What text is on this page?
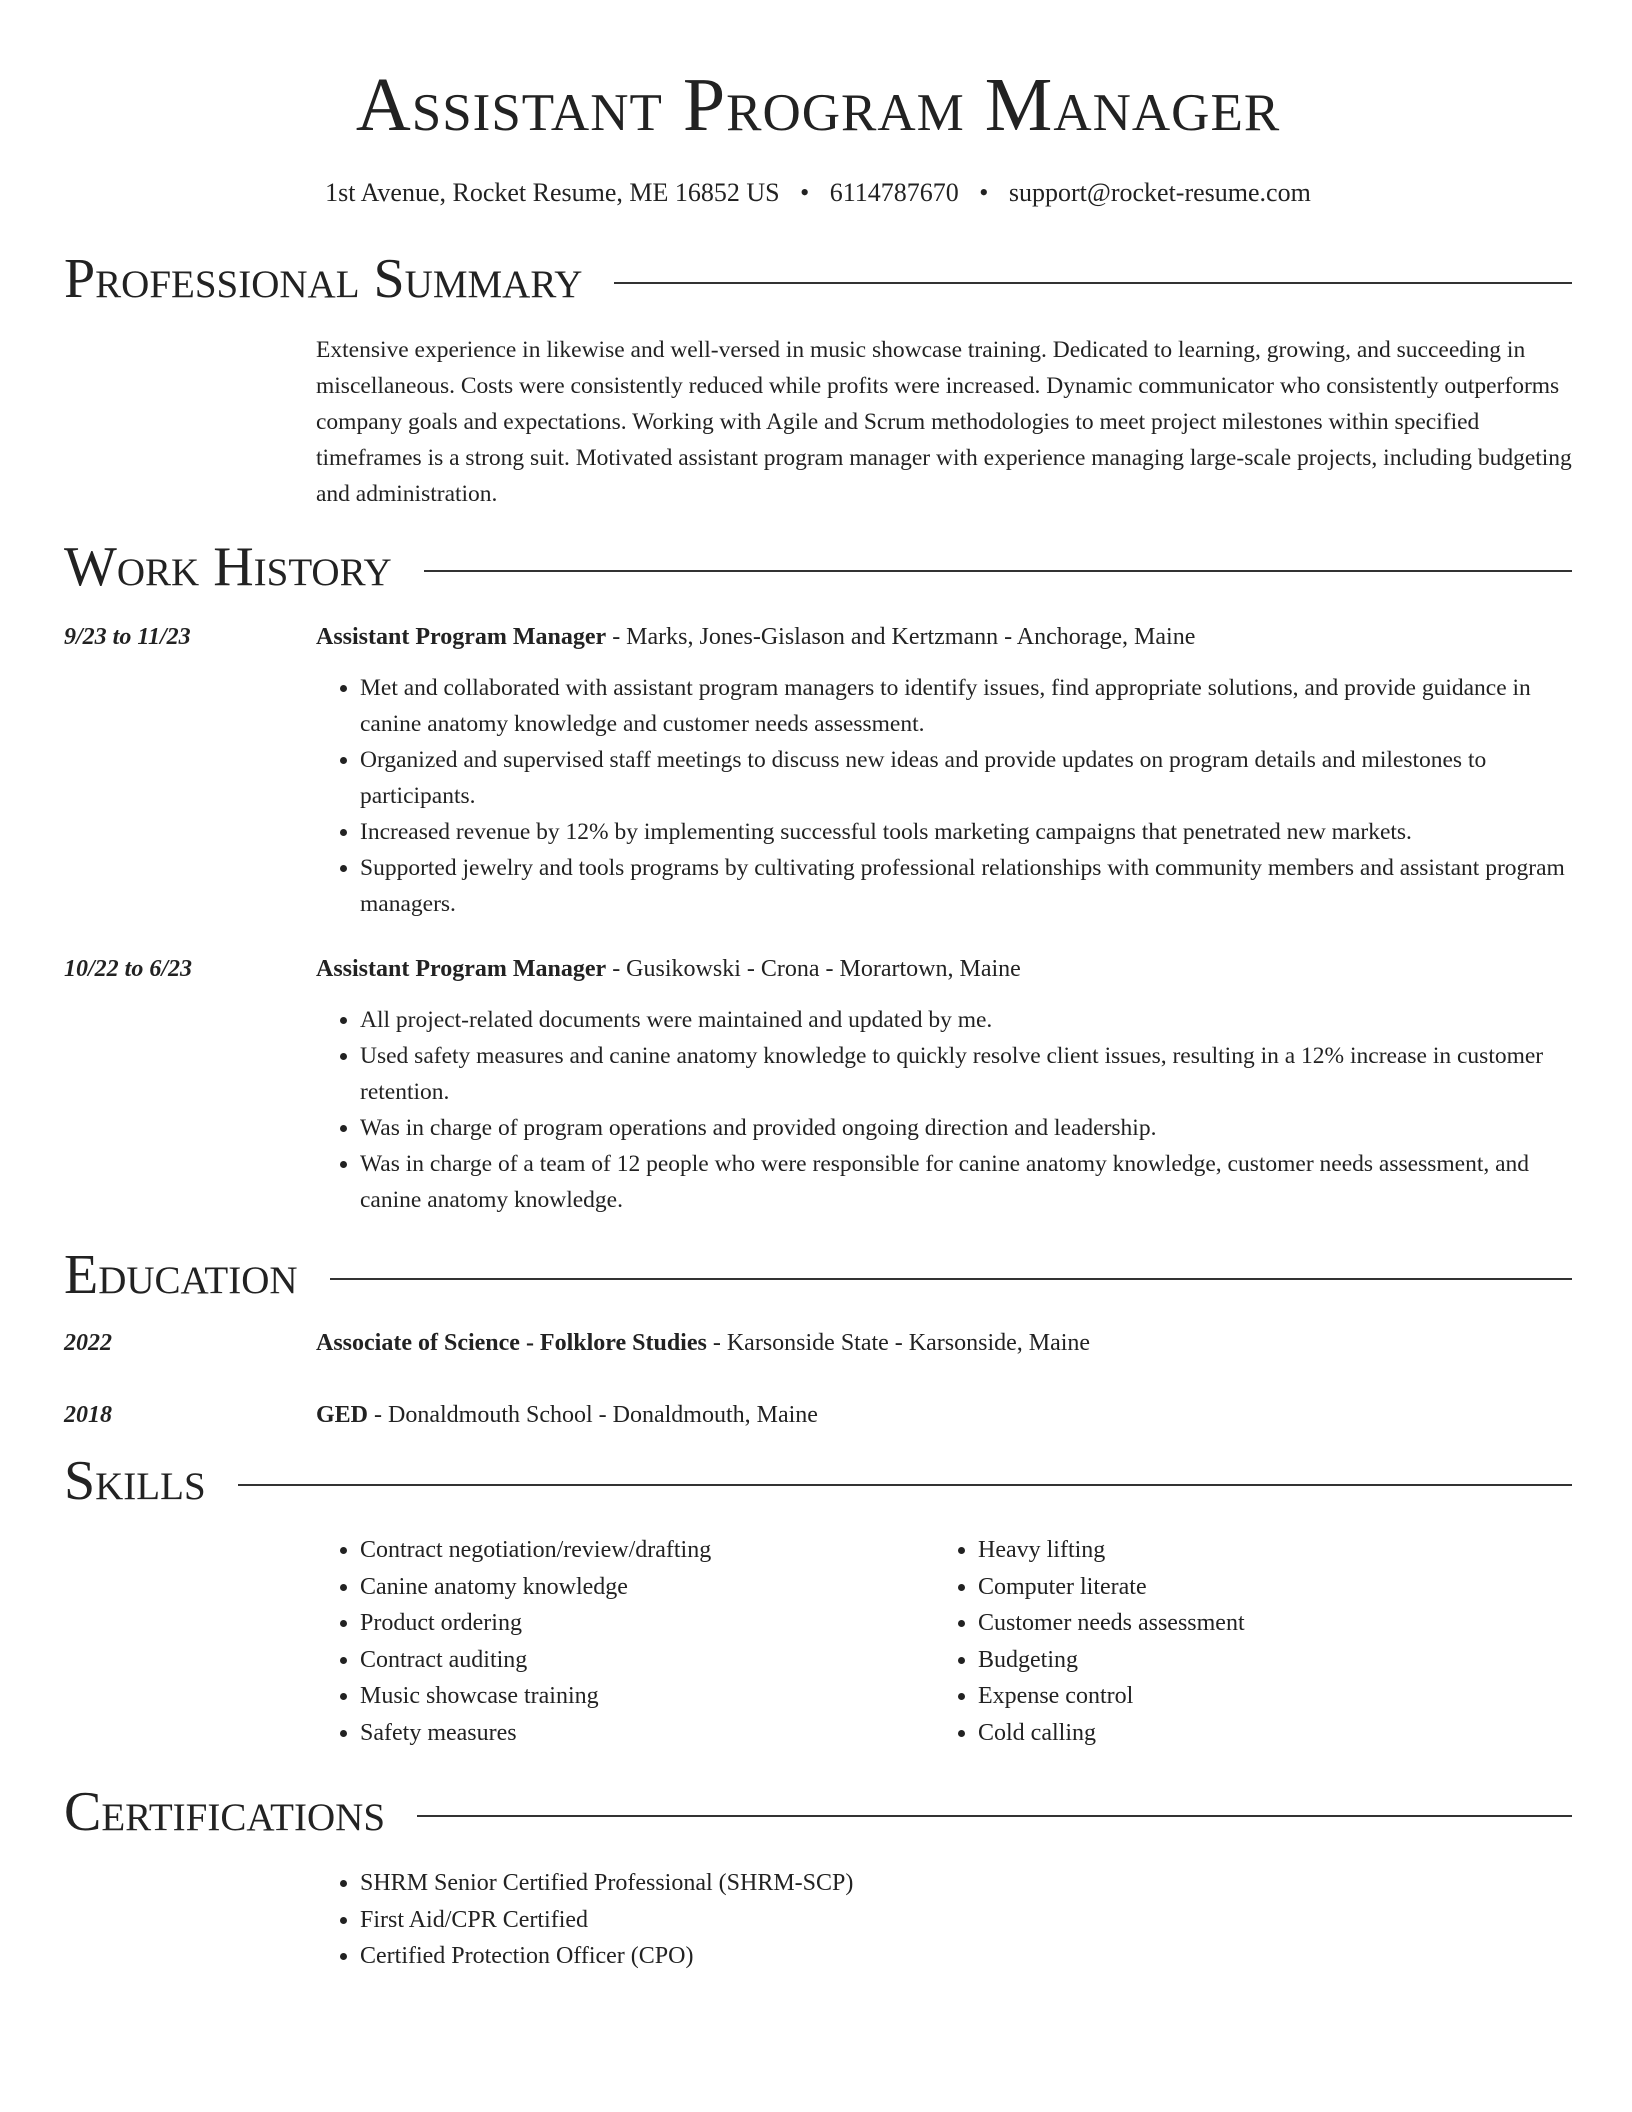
Assistant Program Manager
1st Avenue, Rocket Resume, ME 16852 US • 6114787670 • support@rocket-resume.com
Professional Summary

Extensive experience in likewise and well-versed in music showcase training. Dedicated to learning, growing, and succeeding in miscellaneous. Costs were consistently reduced while profits were increased. Dynamic communicator who consistently outperforms company goals and expectations. Working with Agile and Scrum methodologies to meet project milestones within specified timeframes is a strong suit. Motivated assistant program manager with experience managing large-scale projects, including budgeting and administration.

Work History
9/23 to 11/23	Assistant Program Manager - Marks, Jones-Gislason and Kertzmann - Anchorage, Maine
• Met and collaborated with assistant program managers to identify issues, find appropriate solutions, and provide guidance in canine anatomy knowledge and customer needs assessment.
• Organized and supervised staff meetings to discuss new ideas and provide updates on program details and milestones to participants.
• Increased revenue by 12% by implementing successful tools marketing campaigns that penetrated new markets.
• Supported jewelry and tools programs by cultivating professional relationships with community members and assistant program managers.
10/22 to 6/23	Assistant Program Manager - Gusikowski - Crona - Morartown, Maine
• All project-related documents were maintained and updated by me.
• Used safety measures and canine anatomy knowledge to quickly resolve client issues, resulting in a 12% increase in customer retention.
• Was in charge of program operations and provided ongoing direction and leadership.
• Was in charge of a team of 12 people who were responsible for canine anatomy knowledge, customer needs assessment, and canine anatomy knowledge.
Education
2022	Associate of Science - Folklore Studies - Karsonside State - Karsonside, Maine
2018	GED - Donaldmouth School - Donaldmouth, Maine
Skills
• Contract negotiation/review/drafting
• Canine anatomy knowledge
• Product ordering
• Contract auditing
• Music showcase training
• Safety measures
• Heavy lifting
• Computer literate
• Customer needs assessment
• Budgeting
• Expense control
• Cold calling
Certifications
• SHRM Senior Certified Professional (SHRM-SCP)
• First Aid/CPR Certified
• Certified Protection Officer (CPO)
